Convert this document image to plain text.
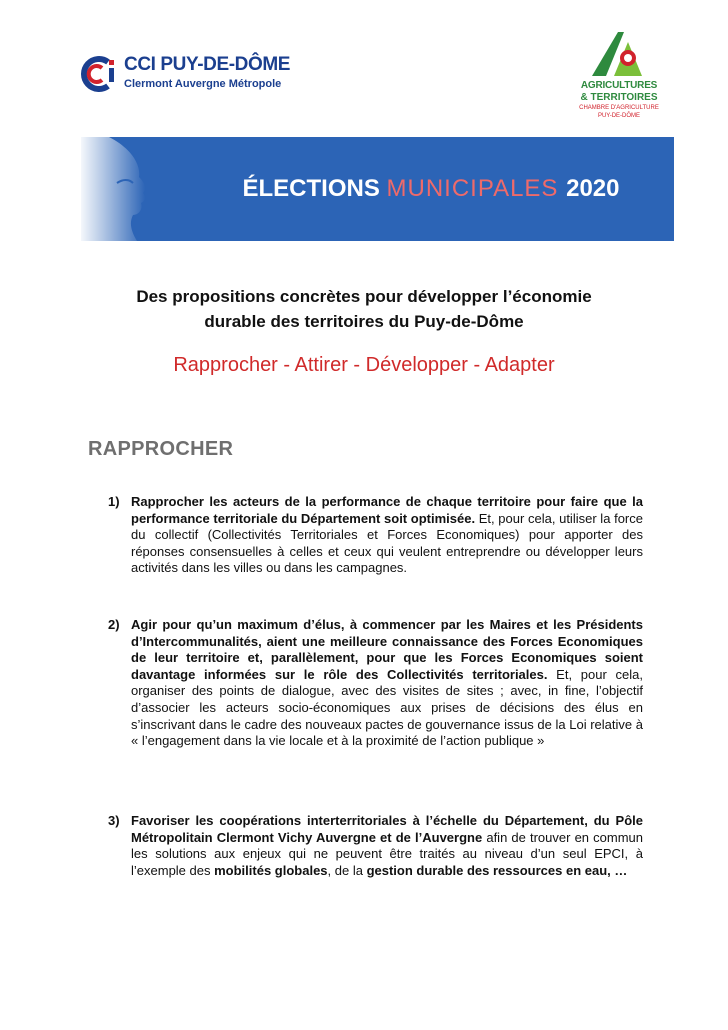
CCI PUY-DE-DÔME
Clermont Auvergne Métropole	AGRICULTURES
& TERRITOIRES
CHAMBRE D'AGRICULTURE
PUY-DE-DÔME
ÉLECTIONS MUNICIPALES 2020
Des propositions concrètes pour développer l’économie
durable des territoires du Puy-de-Dôme
Rapprocher - Attirer - Développer - Adapter
RAPPROCHER
1) Rapprocher les acteurs de la performance de chaque territoire pour faire que la performance territoriale du Département soit optimisée. Et, pour cela, utiliser la force du collectif (Collectivités Territoriales et Forces Economiques) pour apporter des réponses consensuelles à celles et ceux qui veulent entreprendre ou développer leurs activités dans les villes ou dans les campagnes.
2) Agir pour qu’un maximum d’élus, à commencer par les Maires et les Présidents d’Intercommunalités, aient une meilleure connaissance des Forces Economiques de leur territoire et, parallèlement, pour que les Forces Economiques soient davantage informées sur le rôle des Collectivités territoriales. Et, pour cela, organiser des points de dialogue, avec des visites de sites ; avec, in fine, l’objectif d’associer les acteurs socio-économiques aux prises de décisions des élus en s’inscrivant dans le cadre des nouveaux pactes de gouvernance issus de la Loi relative à « l’engagement dans la vie locale et à la proximité de l’action publique »
3) Favoriser les coopérations interterritoriales à l’échelle du Département, du Pôle Métropolitain Clermont Vichy Auvergne et de l’Auvergne afin de trouver en commun les solutions aux enjeux qui ne peuvent être traités au niveau d’un seul EPCI, à l’exemple des mobilités globales, de la gestion durable des ressources en eau, …
